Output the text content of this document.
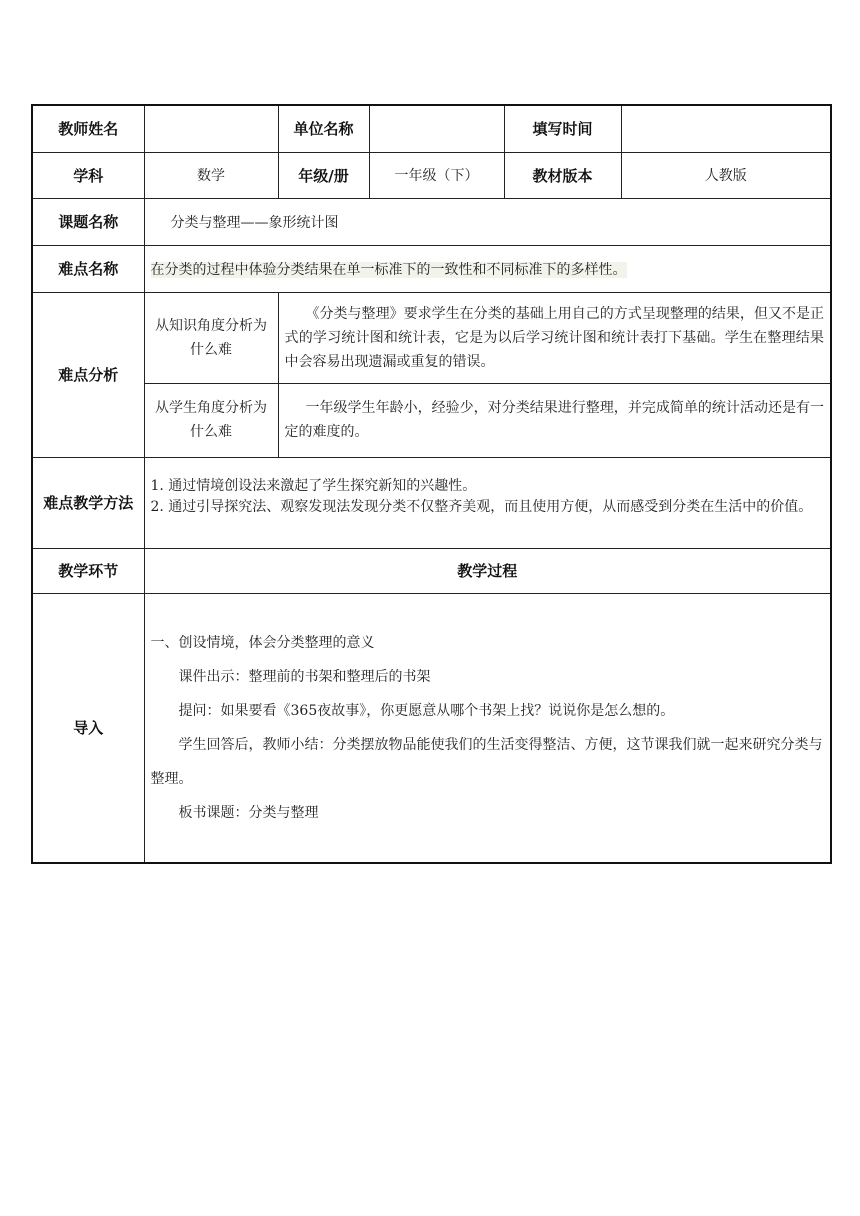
教师姓名		单位名称		填写时间	
学科	数学	年级/册	一年级（下）	教材版本	人教版
课题名称	分类与整理——象形统计图				
难点名称	在分类的过程中体验分类结果在单一标准下的一致性和不同标准下的多样性。				
难点分析	从知识角度分析为什么难	《分类与整理》要求学生在分类的基础上用自己的方式呈现整理的结果，但又不是正式的学习统计图和统计表，它是为以后学习统计图和统计表打下基础。学生在整理结果中会容易出现遗漏或重复的错误。			

	从学生角度分析为什么难	一年级学生年龄小，经验少，对分类结果进行整理，并完成简单的统计活动还是有一定的难度的。			

难点教学方法	1. 通过情境创设法来激起了学生探究新知的兴趣性。

2. 通过引导探究法、观察发现法发现分类不仅整齐美观，而且使用方便，从而感受到分类在生活中的价值。				

教学环节	教学过程				
导入	一、创设情境，体会分类整理的意义

课件出示：整理前的书架和整理后的书架

提问：如果要看《365夜故事》，你更愿意从哪个书架上找？说说你是怎么想的。

学生回答后，教师小结：分类摆放物品能使我们的生活变得整洁、方便，这节课我们就一起来研究分类与整理。

板书课题：分类与整理				
